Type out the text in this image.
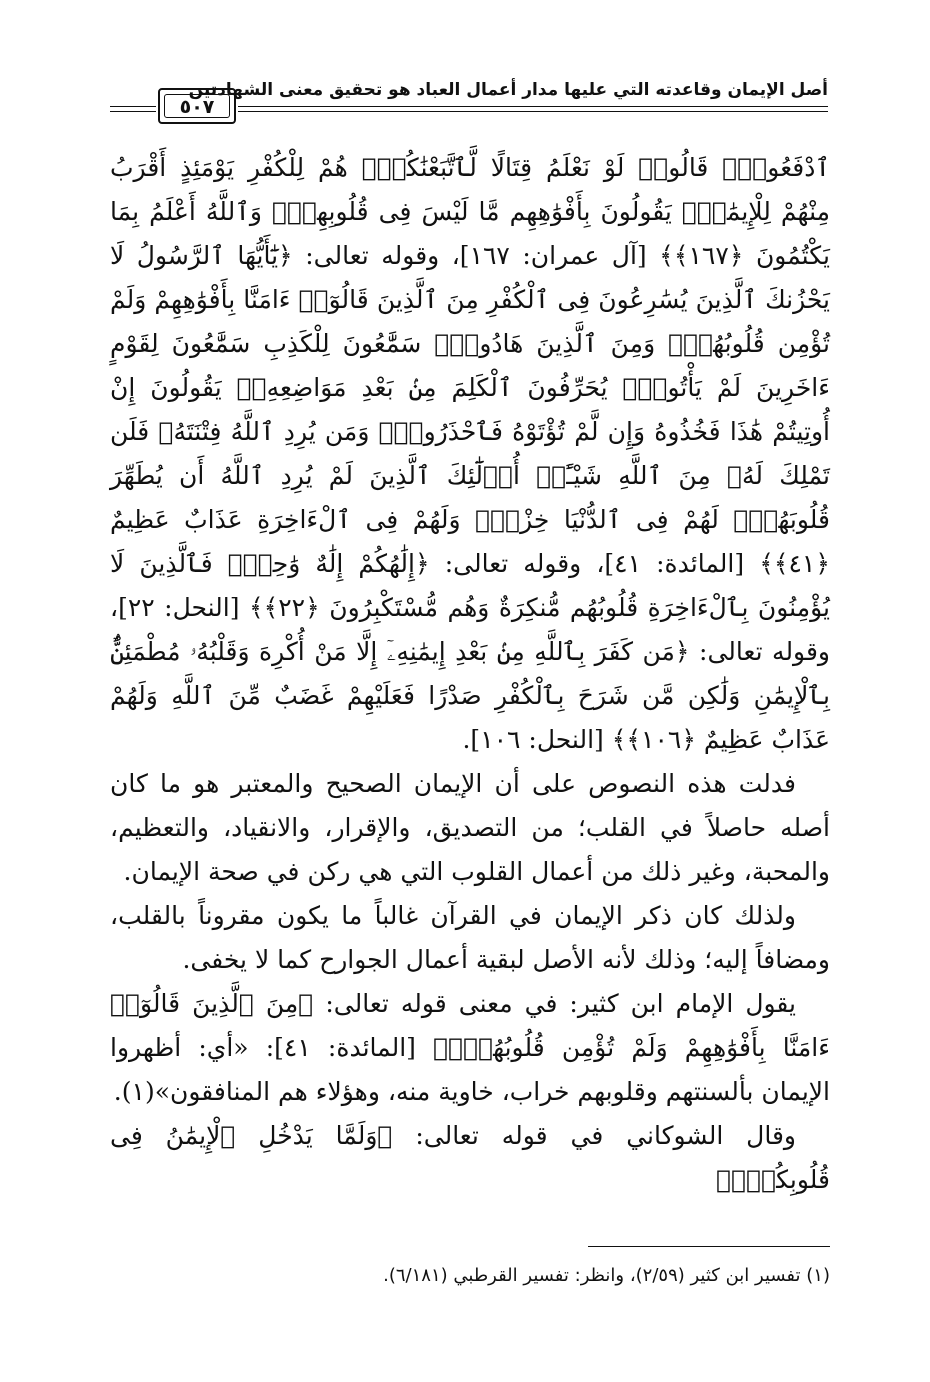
أصل الإيمان وقاعدته التي عليها مدار أعمال العباد هو تحقيق معنى الشهادتين
٥٠٧

ٱدْفَعُوا۟ۖ قَالُوا۟ لَوْ نَعْلَمُ قِتَالًا لَّٱتَّبَعْنَٰكُمْۗ هُمْ لِلْكُفْرِ يَوْمَئِذٍ أَقْرَبُ مِنْهُمْ لِلْإِيمَٰنِۚ يَقُولُونَ بِأَفْوَٰهِهِم مَّا لَيْسَ فِى قُلُوبِهِمْۗ وَٱللَّهُ أَعْلَمُ بِمَا يَكْتُمُونَ ﴿١٦٧﴾﴾ [آل عمران: ١٦٧]، وقوله تعالى: ﴿يَٰٓأَيُّهَا ٱلرَّسُولُ لَا يَحْزُنكَ ٱلَّذِينَ يُسَٰرِعُونَ فِى ٱلْكُفْرِ مِنَ ٱلَّذِينَ قَالُوٓا۟ ءَامَنَّا بِأَفْوَٰهِهِمْ وَلَمْ تُؤْمِن قُلُوبُهُمْۛ وَمِنَ ٱلَّذِينَ هَادُوا۟ۛ سَمَّٰعُونَ لِلْكَذِبِ سَمَّٰعُونَ لِقَوْمٍ ءَاخَرِينَ لَمْ يَأْتُوكَۖ يُحَرِّفُونَ ٱلْكَلِمَ مِنۢ بَعْدِ مَوَاضِعِهِۦۖ يَقُولُونَ إِنْ أُوتِيتُمْ هَٰذَا فَخُذُوهُ وَإِن لَّمْ تُؤْتَوْهُ فَٱحْذَرُوا۟ۚ وَمَن يُرِدِ ٱللَّهُ فِتْنَتَهُۥ فَلَن تَمْلِكَ لَهُۥ مِنَ ٱللَّهِ شَيْـًٔاۚ أُو۟لَٰٓئِكَ ٱلَّذِينَ لَمْ يُرِدِ ٱللَّهُ أَن يُطَهِّرَ قُلُوبَهُمْۚ لَهُمْ فِى ٱلدُّنْيَا خِزْىٌۖ وَلَهُمْ فِى ٱلْءَاخِرَةِ عَذَابٌ عَظِيمٌ ﴿٤١﴾﴾ [المائدة: ٤١]، وقوله تعالى: ﴿إِلَٰهُكُمْ إِلَٰهٌ وَٰحِدٌۚ فَٱلَّذِينَ لَا يُؤْمِنُونَ بِٱلْءَاخِرَةِ قُلُوبُهُم مُّنكِرَةٌ وَهُم مُّسْتَكْبِرُونَ ﴿٢٢﴾﴾ [النحل: ٢٢]، وقوله تعالى: ﴿مَن كَفَرَ بِٱللَّهِ مِنۢ بَعْدِ إِيمَٰنِهِۦٓ إِلَّا مَنْ أُكْرِهَ وَقَلْبُهُۥ مُطْمَئِنٌّۢ بِٱلْإِيمَٰنِ وَلَٰكِن مَّن شَرَحَ بِٱلْكُفْرِ صَدْرًا فَعَلَيْهِمْ غَضَبٌ مِّنَ ٱللَّهِ وَلَهُمْ عَذَابٌ عَظِيمٌ ﴿١٠٦﴾﴾ [النحل: ١٠٦].

فدلت هذه النصوص على أن الإيمان الصحيح والمعتبر هو ما كان أصله حاصلاً في القلب؛ من التصديق، والإقرار، والانقياد، والتعظيم، والمحبة، وغير ذلك من أعمال القلوب التي هي ركن في صحة الإيمان.

ولذلك كان ذكر الإيمان في القرآن غالباً ما يكون مقروناً بالقلب، ومضافاً إليه؛ وذلك لأنه الأصل لبقية أعمال الجوارح كما لا يخفى.

يقول الإمام ابن كثير: في معنى قوله تعالى: ﴿مِنَ ٱلَّذِينَ قَالُوٓا۟ ءَامَنَّا بِأَفْوَٰهِهِمْ وَلَمْ تُؤْمِن قُلُوبُهُمْۛ﴾ [المائدة: ٤١]: «أي: أظهروا الإيمان بألسنتهم وقلوبهم خراب، خاوية منه، وهؤلاء هم المنافقون»(١).

وقال الشوكاني في قوله تعالى: ﴿وَلَمَّا يَدْخُلِ ٱلْإِيمَٰنُ فِى قُلُوبِكُمْۖ﴾

(١) تفسير ابن كثير (٢/٥٩)، وانظر: تفسير القرطبي (٦/١٨١).
